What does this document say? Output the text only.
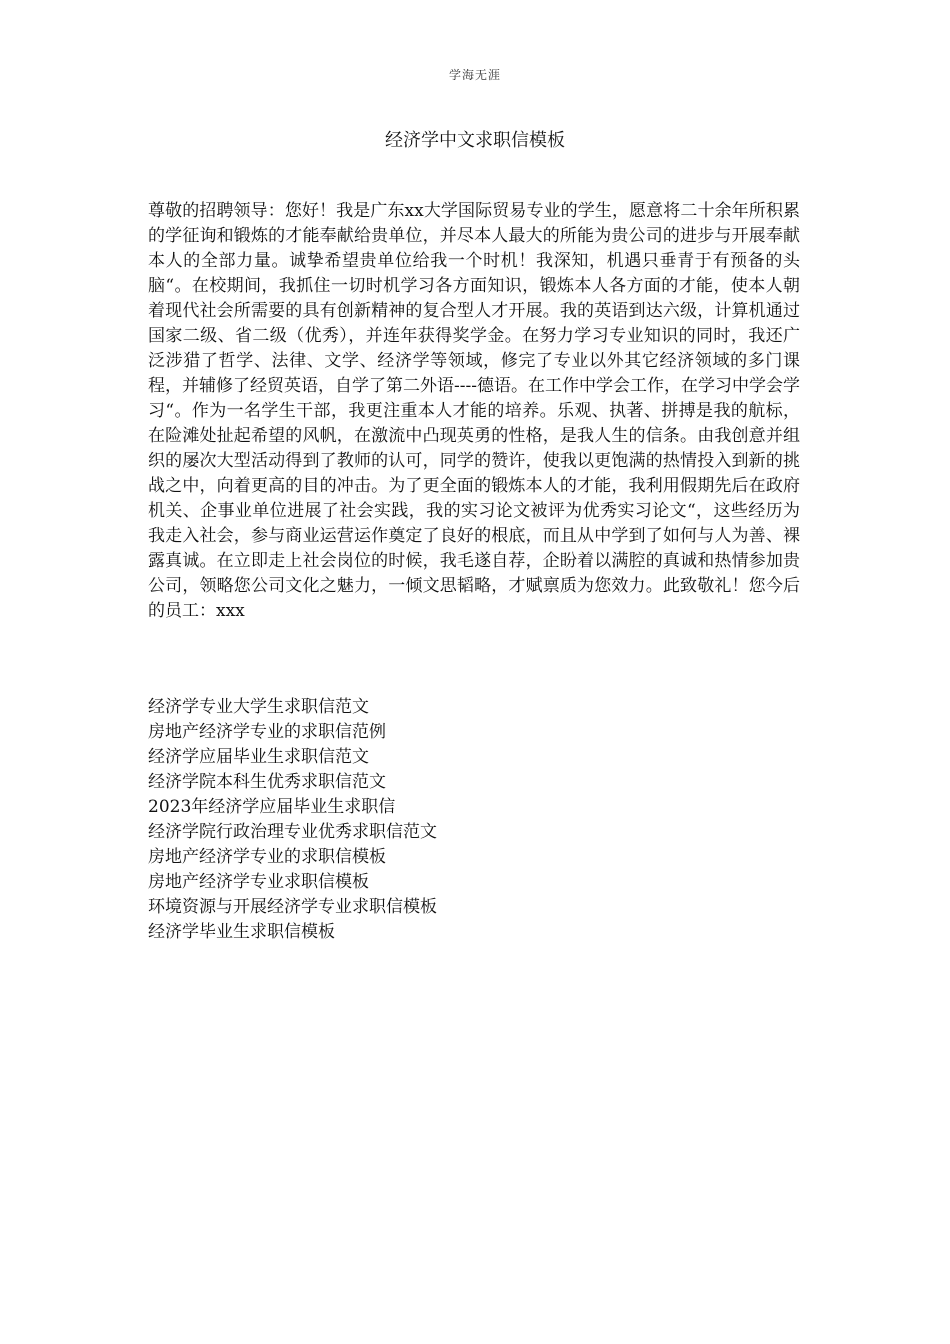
学海无涯
经济学中文求职信模板

尊敬的招聘领导：您好！我是广东xx大学国际贸易专业的学生，愿意将二十余年所积累的学征询和锻炼的才能奉献给贵单位，并尽本人最大的所能为贵公司的进步与开展奉献本人的全部力量。诚挚希望贵单位给我一个时机！我深知，机遇只垂青于有预备的头脑“。在校期间，我抓住一切时机学习各方面知识，锻炼本人各方面的才能，使本人朝着现代社会所需要的具有创新精神的复合型人才开展。我的英语到达六级，计算机通过国家二级、省二级（优秀），并连年获得奖学金。在努力学习专业知识的同时，我还广泛涉猎了哲学、法律、文学、经济学等领域，修完了专业以外其它经济领域的多门课程，并辅修了经贸英语，自学了第二外语----德语。在工作中学会工作，在学习中学会学习“。作为一名学生干部，我更注重本人才能的培养。乐观、执著、拼搏是我的航标，在险滩处扯起希望的风帆，在激流中凸现英勇的性格，是我人生的信条。由我创意并组织的屡次大型活动得到了教师的认可，同学的赞许，使我以更饱满的热情投入到新的挑战之中，向着更高的目的冲击。为了更全面的锻炼本人的才能，我利用假期先后在政府机关、企事业单位进展了社会实践，我的实习论文被评为优秀实习论文“，这些经历为我走入社会，参与商业运营运作奠定了良好的根底，而且从中学到了如何与人为善、裸露真诚。在立即走上社会岗位的时候，我毛遂自荐，企盼着以满腔的真诚和热情参加贵公司，领略您公司文化之魅力，一倾文思韬略，才赋禀质为您效力。此致敬礼！您今后的员工：xxx

经济学专业大学生求职信范文
房地产经济学专业的求职信范例
经济学应届毕业生求职信范文
经济学院本科生优秀求职信范文
2023年经济学应届毕业生求职信
经济学院行政治理专业优秀求职信范文
房地产经济学专业的求职信模板
房地产经济学专业求职信模板
环境资源与开展经济学专业求职信模板
经济学毕业生求职信模板
